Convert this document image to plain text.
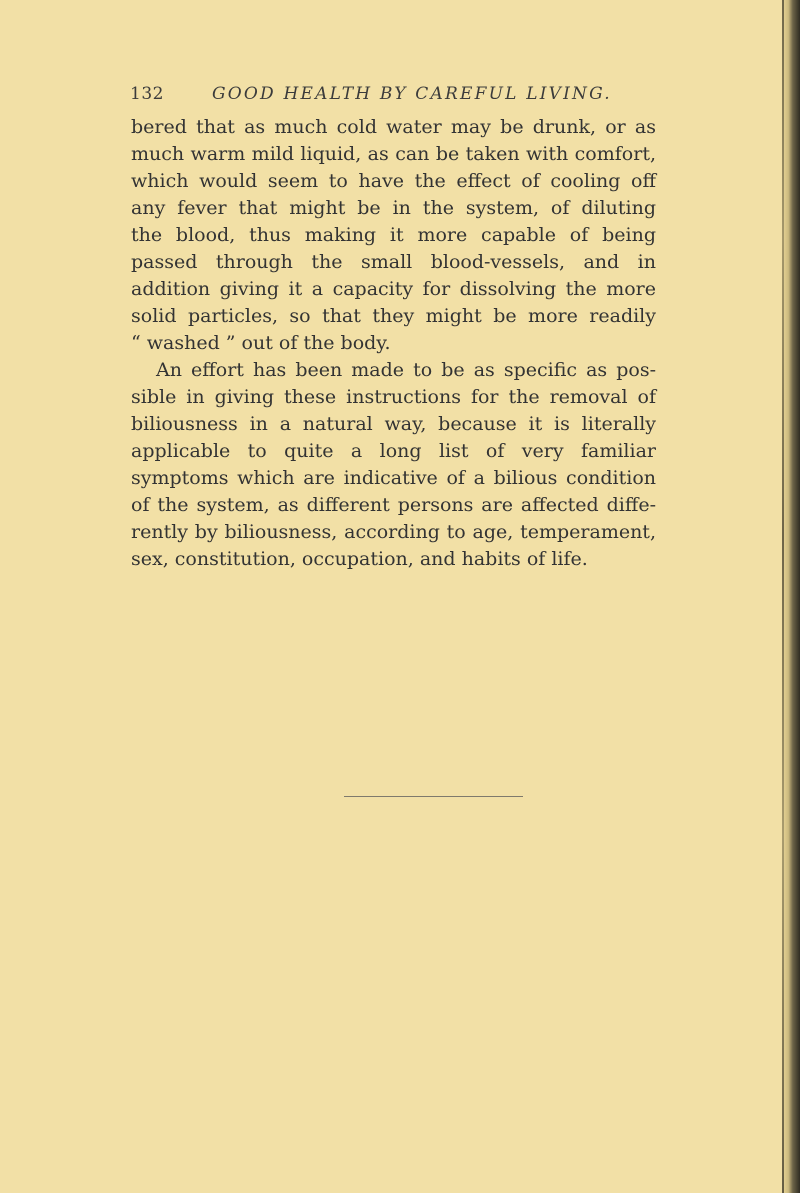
132	GOOD HEALTH BY CAREFUL LIVING.
bered that as much cold water may be drunk, or as
much warm mild liquid, as can be taken with comfort,
which would seem to have the effect of cooling off
any fever that might be in the system, of diluting
the blood, thus making it more capable of being
passed through the small blood-vessels, and in
addition giving it a capacity for dissolving the more
solid particles, so that they might be more readily
“ washed ” out of the body.
An effort has been made to be as specific as pos-
sible in giving these instructions for the removal of
biliousness in a natural way, because it is literally
applicable to quite a long list of very familiar
symptoms which are indicative of a bilious condition
of the system, as different persons are affected diffe-
rently by biliousness, according to age, temperament,
sex, constitution, occupation, and habits of life.
